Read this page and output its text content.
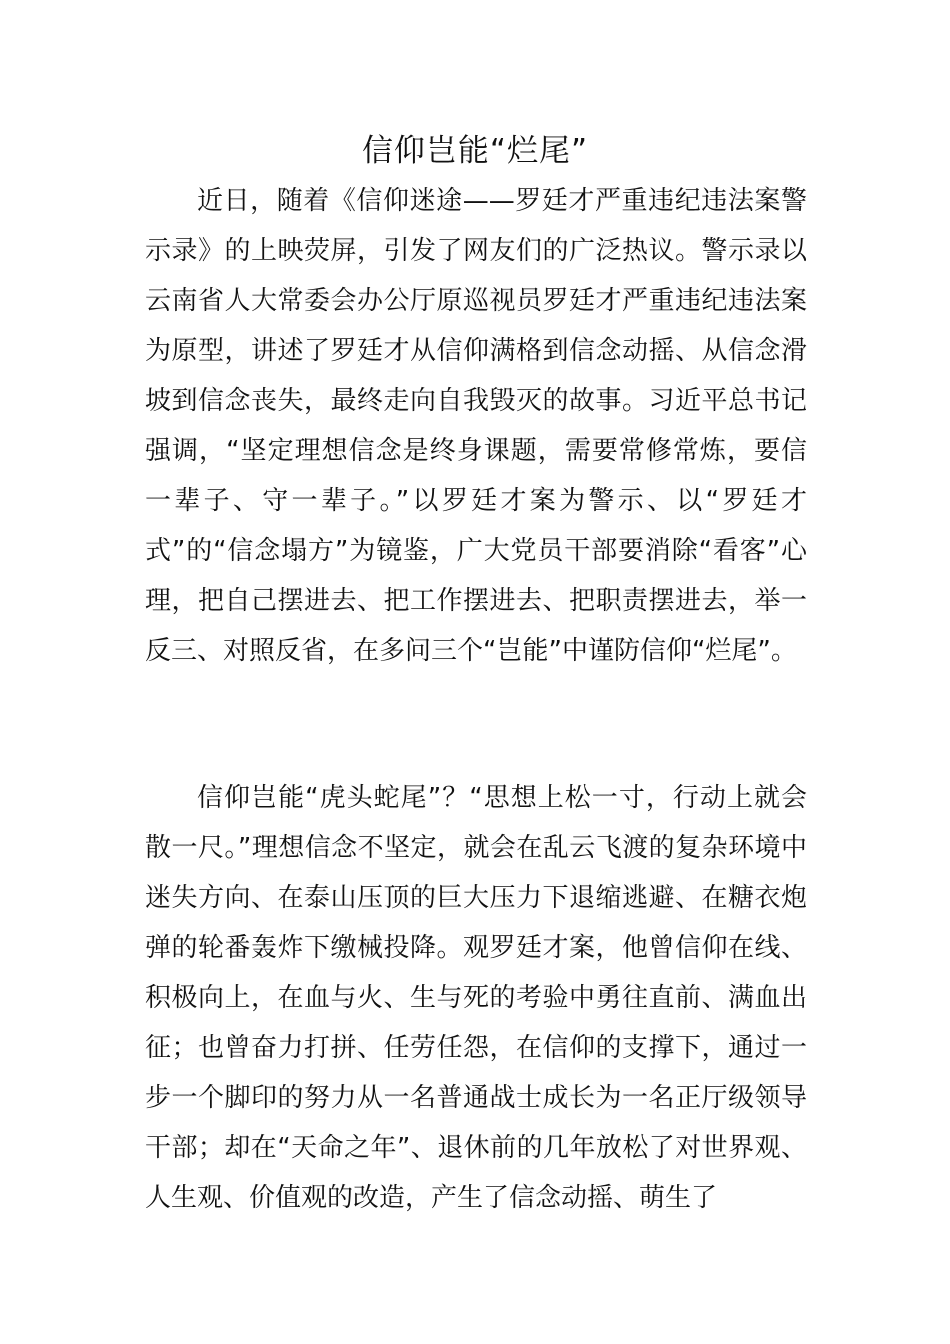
信仰岂能“烂尾”

近日，随着《信仰迷途——罗廷才严重违纪违法案警示录》的上映荧屏，引发了网友们的广泛热议。警示录以云南省人大常委会办公厅原巡视员罗廷才严重违纪违法案为原型，讲述了罗廷才从信仰满格到信念动摇、从信念滑坡到信念丧失，最终走向自我毁灭的故事。习近平总书记强调，“坚定理想信念是终身课题，需要常修常炼，要信一辈子、守一辈子。”以罗廷才案为警示、以“罗廷才式”的“信念塌方”为镜鉴，广大党员干部要消除“看客”心理，把自己摆进去、把工作摆进去、把职责摆进去，举一反三、对照反省，在多问三个“岂能”中谨防信仰“烂尾”。

信仰岂能“虎头蛇尾”？“思想上松一寸，行动上就会散一尺。”理想信念不坚定，就会在乱云飞渡的复杂环境中迷失方向、在泰山压顶的巨大压力下退缩逃避、在糖衣炮弹的轮番轰炸下缴械投降。观罗廷才案，他曾信仰在线、积极向上，在血与火、生与死的考验中勇往直前、满血出征；也曾奋力打拼、任劳任怨，在信仰的支撑下，通过一步一个脚印的努力从一名普通战士成长为一名正厅级领导干部；却在“天命之年”、退休前的几年放松了对世界观、人生观、价值观的改造，产生了信念动摇、萌生了
